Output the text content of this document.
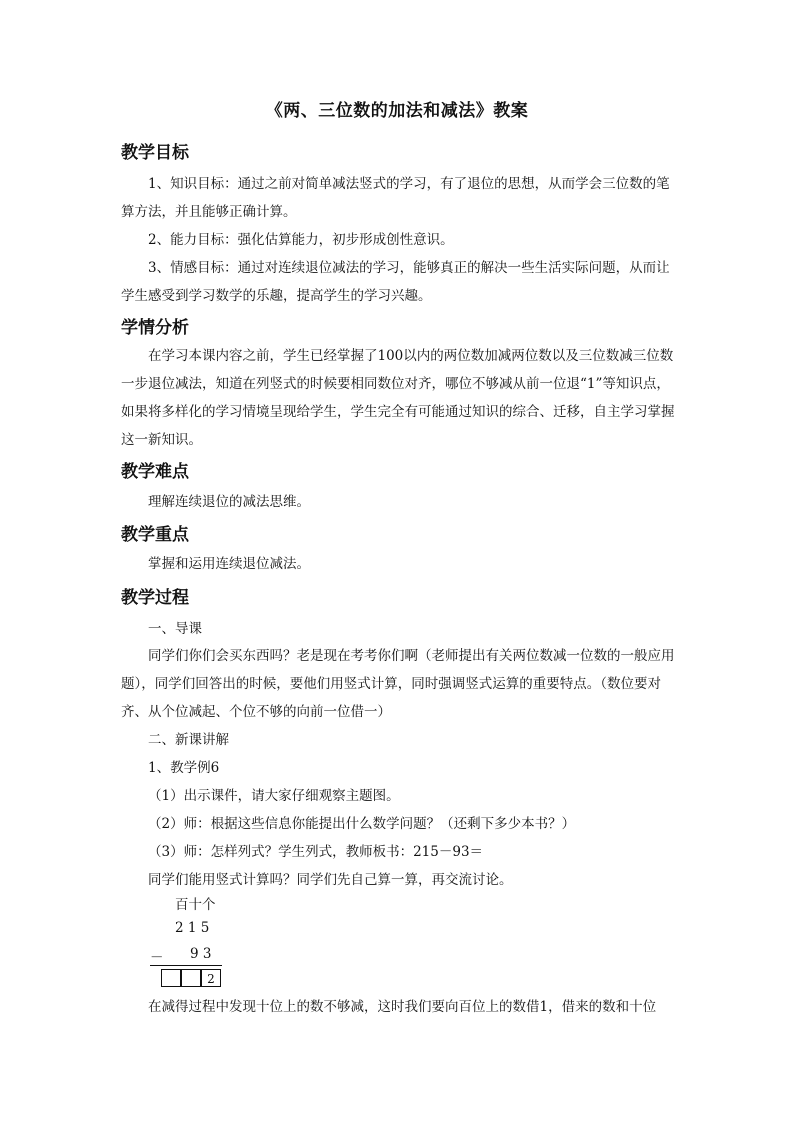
《两、三位数的加法和减法》教案
教学目标

1、知识目标：通过之前对简单减法竖式的学习，有了退位的思想，从而学会三位数的笔算方法，并且能够正确计算。

2、能力目标：强化估算能力，初步形成创性意识。

3、情感目标：通过对连续退位减法的学习，能够真正的解决一些生活实际问题，从而让学生感受到学习数学的乐趣，提高学生的学习兴趣。

学情分析

在学习本课内容之前，学生已经掌握了100以内的两位数加减两位数以及三位数减三位数一步退位减法，知道在列竖式的时候要相同数位对齐，哪位不够减从前一位退“1”等知识点，如果将多样化的学习情境呈现给学生，学生完全有可能通过知识的综合、迁移，自主学习掌握这一新知识。

教学难点

理解连续退位的减法思维。

教学重点

掌握和运用连续退位减法。

教学过程
一、导课

同学们你们会买东西吗？老是现在考考你们啊（老师提出有关两位数减一位数的一般应用题），同学们回答出的时候，要他们用竖式计算，同时强调竖式运算的重要特点。（数位要对齐、从个位减起、个位不够的向前一位借一）

二、新课讲解
1、教学例6
（1）出示课件，请大家仔细观察主题图。
（2）师：根据这些信息你能提出什么数学问题？（还剩下多少本书？）
（3）师：怎样列式？学生列式，教师板书：215－93＝
同学们能用竖式计算吗？同学们先自己算一算，再交流讨论。
百十个
2 1 5
－ 9 3
2
在减得过程中发现十位上的数不够减，这时我们要向百位上的数借1，借来的数和十位
